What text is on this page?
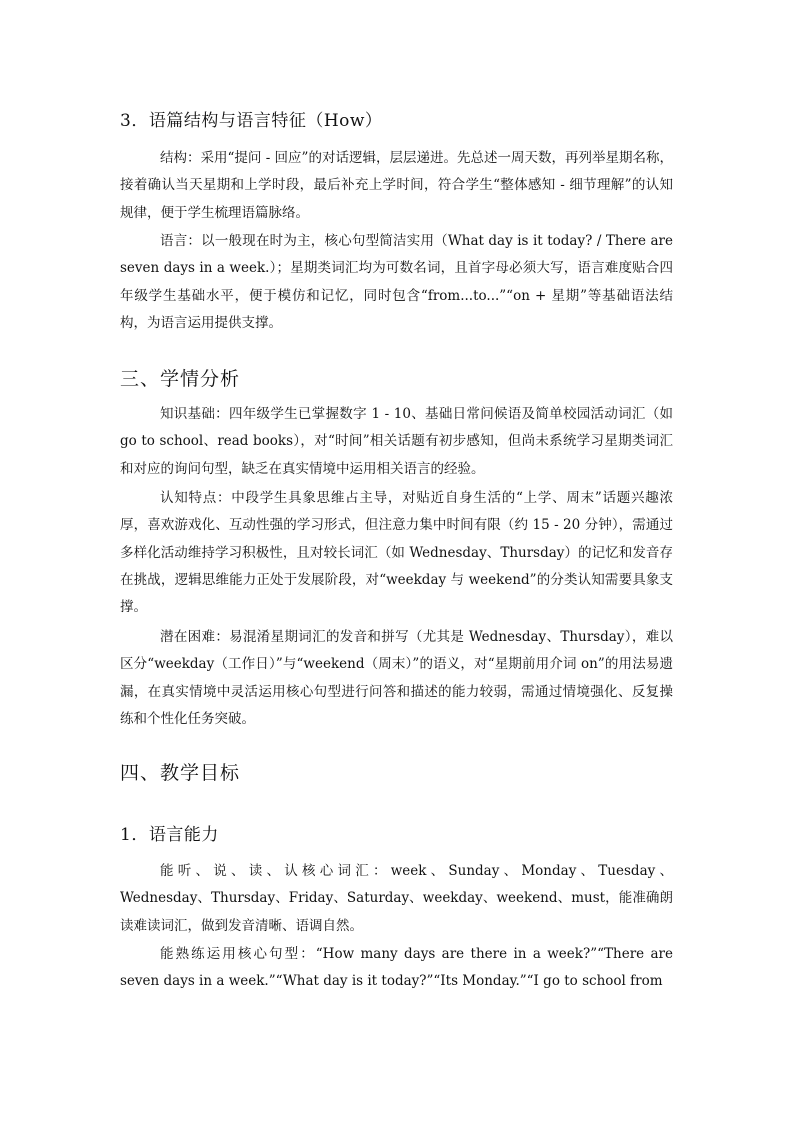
3．语篇结构与语言特征（How）

结构：采用“提问 - 回应”的对话逻辑，层层递进。先总述一周天数，再列举星期名称，接着确认当天星期和上学时段，最后补充上学时间，符合学生“整体感知 - 细节理解”的认知规律，便于学生梳理语篇脉络。

语言：以一般现在时为主，核心句型简洁实用（What day is it today? / There are seven days in a week.）；星期类词汇均为可数名词，且首字母必须大写，语言难度贴合四年级学生基础水平，便于模仿和记忆，同时包含“from...to...”“on + 星期”等基础语法结构，为语言运用提供支撑。

三、学情分析

知识基础：四年级学生已掌握数字 1 - 10、基础日常问候语及简单校园活动词汇（如 go to school、read books），对“时间”相关话题有初步感知，但尚未系统学习星期类词汇和对应的询问句型，缺乏在真实情境中运用相关语言的经验。

认知特点：中段学生具象思维占主导，对贴近自身生活的“上学、周末”话题兴趣浓厚，喜欢游戏化、互动性强的学习形式，但注意力集中时间有限（约 15 - 20 分钟），需通过多样化活动维持学习积极性，且对较长词汇（如 Wednesday、Thursday）的记忆和发音存在挑战，逻辑思维能力正处于发展阶段，对“weekday 与 weekend”的分类认知需要具象支撑。

潜在困难：易混淆星期词汇的发音和拼写（尤其是 Wednesday、Thursday），难以区分“weekday（工作日）”与“weekend（周末）”的语义，对“星期前用介词 on”的用法易遗漏，在真实情境中灵活运用核心句型进行问答和描述的能力较弱，需通过情境强化、反复操练和个性化任务突破。

四、教学目标
1．语言能力

能听、说、读、认核心词汇：week、Sunday、Monday、Tuesday、Wednesday、Thursday、Friday、Saturday、weekday、weekend、must，能准确朗读难读词汇，做到发音清晰、语调自然。

能熟练运用核心句型：“How many days are there in a week?”“There are seven days in a week.”“What day is it today?”“Its Monday.”“I go to school from
